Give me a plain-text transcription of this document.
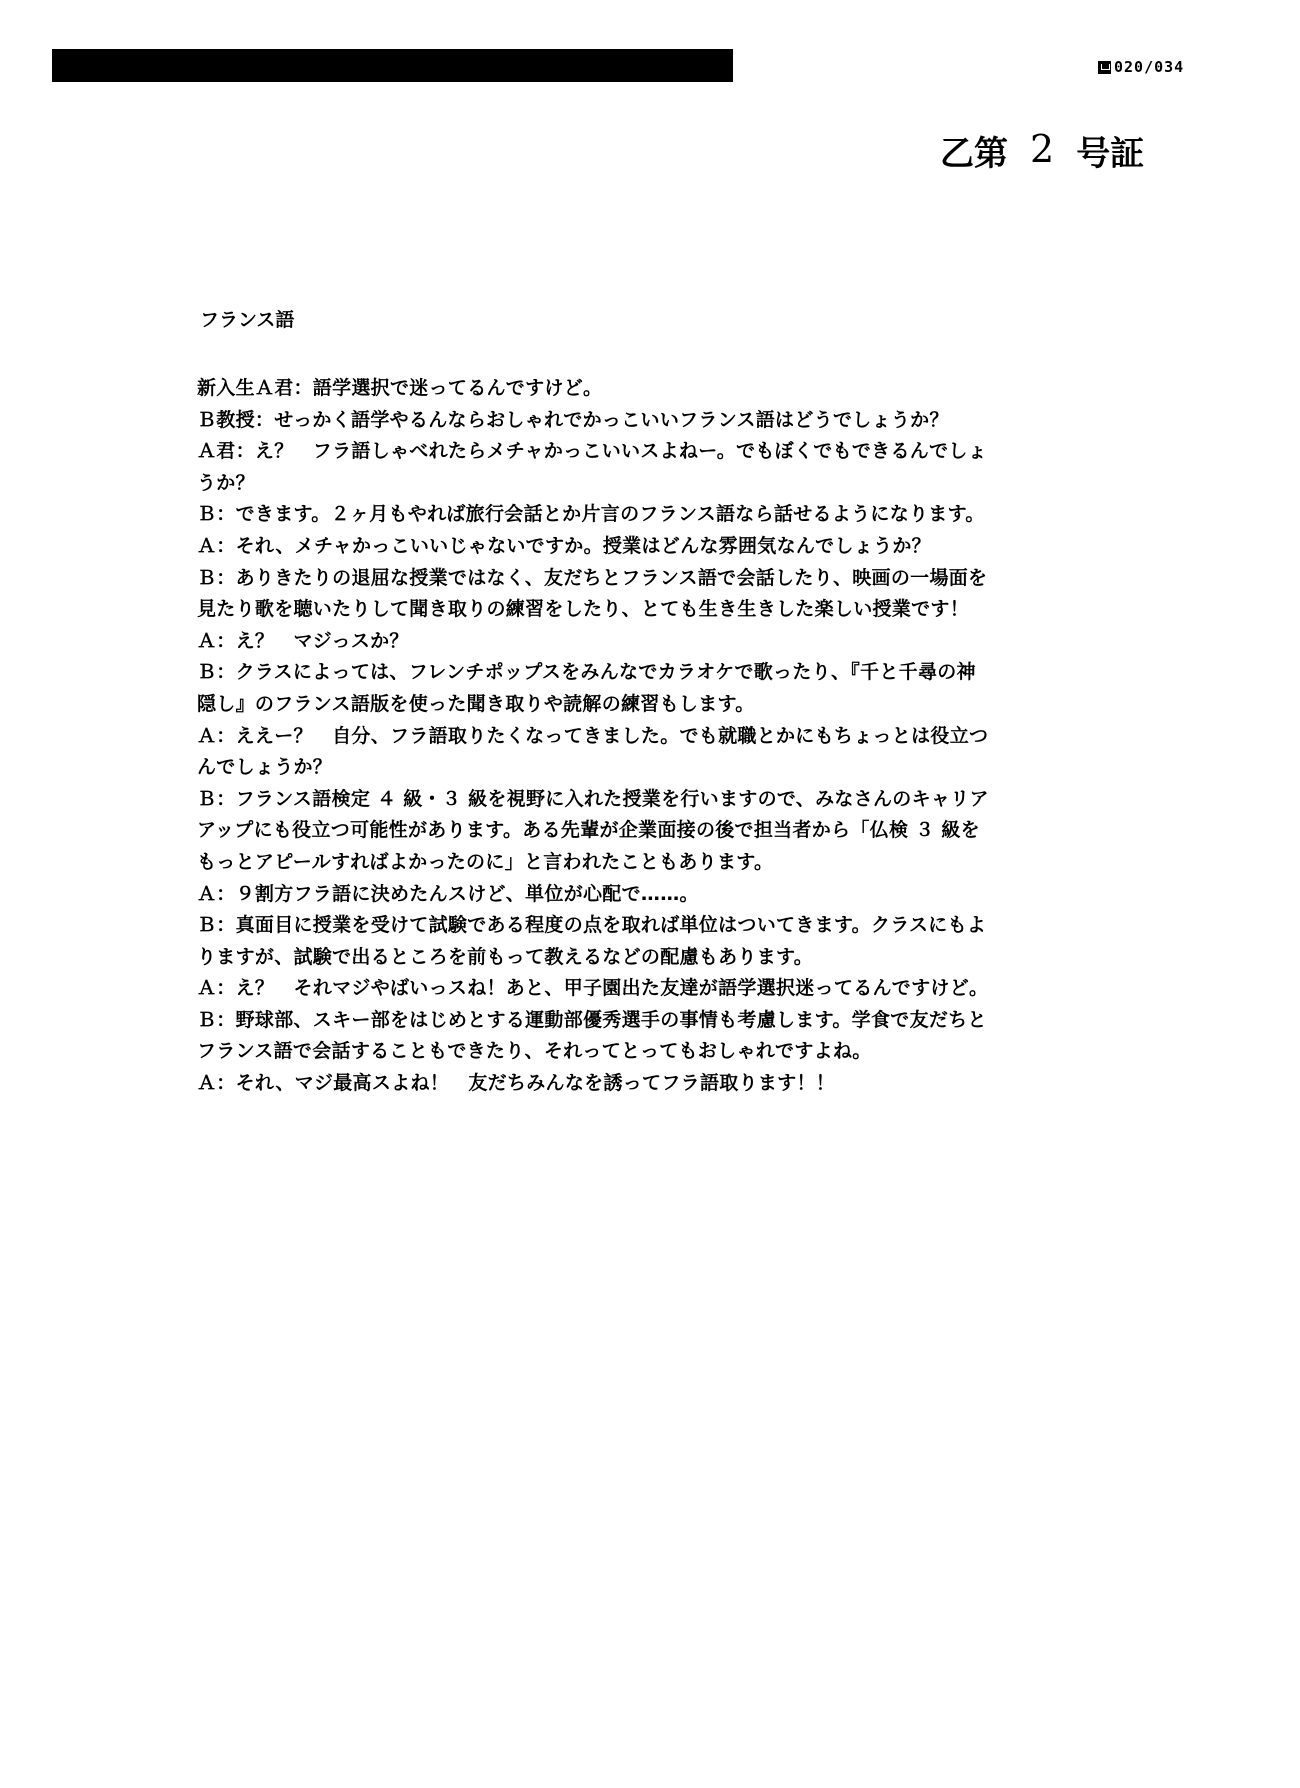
020/034
乙第 2 号証
フランス語

新入生Ａ君：語学選択で迷ってるんですけど。

Ｂ教授：せっかく語学やるんならおしゃれでかっこいいフランス語はどうでしょうか？

Ａ君：え？　フラ語しゃべれたらメチャかっこいいスよねー。でもぼくでもできるんでしょ

うか？

Ｂ：できます。２ヶ月もやれば旅行会話とか片言のフランス語なら話せるようになります。

Ａ：それ、メチャかっこいいじゃないですか。授業はどんな雰囲気なんでしょうか？

Ｂ：ありきたりの退屈な授業ではなく、友だちとフランス語で会話したり、映画の一場面を

見たり歌を聴いたりして聞き取りの練習をしたり、とても生き生きした楽しい授業です！

Ａ：え？　マジっスか？

Ｂ：クラスによっては、フレンチポップスをみんなでカラオケで歌ったり、『千と千尋の神

隠し』のフランス語版を使った聞き取りや読解の練習もします。

Ａ：ええー？　自分、フラ語取りたくなってきました。でも就職とかにもちょっとは役立つ

んでしょうか？

Ｂ：フランス語検定 ４ 級・３ 級を視野に入れた授業を行いますので、みなさんのキャリア

アップにも役立つ可能性があります。ある先輩が企業面接の後で担当者から「仏検 ３ 級を

もっとアピールすればよかったのに」と言われたこともあります。

Ａ：９割方フラ語に決めたんスけど、単位が心配で……。

Ｂ：真面目に授業を受けて試験である程度の点を取れば単位はついてきます。クラスにもよ

りますが、試験で出るところを前もって教えるなどの配慮もあります。

Ａ：え？　それマジやばいっスね！あと、甲子園出た友達が語学選択迷ってるんですけど。

Ｂ：野球部、スキー部をはじめとする運動部優秀選手の事情も考慮します。学食で友だちと

フランス語で会話することもできたり、それってとってもおしゃれですよね。

Ａ：それ、マジ最高スよね！　友だちみんなを誘ってフラ語取ります！！
